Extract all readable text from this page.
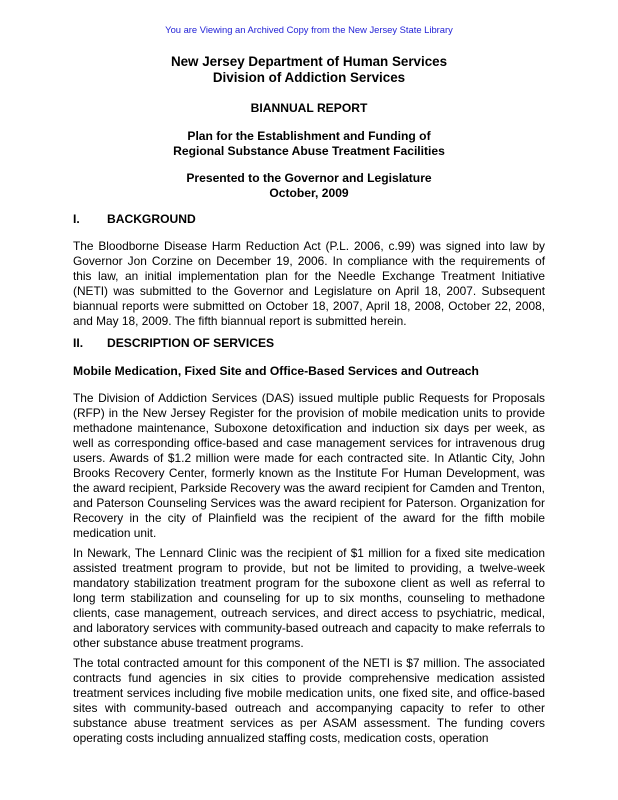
You are Viewing an Archived Copy from the New Jersey State Library
New Jersey Department of Human Services
Division of Addiction Services
BIANNUAL REPORT
Plan for the Establishment and Funding of
Regional Substance Abuse Treatment Facilities
Presented to the Governor and Legislature
October, 2009
I. BACKGROUND

The Bloodborne Disease Harm Reduction Act (P.L. 2006, c.99) was signed into law by Governor Jon Corzine on December 19, 2006. In compliance with the requirements of this law, an initial implementation plan for the Needle Exchange Treatment Initiative (NETI) was submitted to the Governor and Legislature on April 18, 2007. Subsequent biannual reports were submitted on October 18, 2007, April 18, 2008, October 22, 2008, and May 18, 2009. The fifth biannual report is submitted herein.

II. DESCRIPTION OF SERVICES
Mobile Medication, Fixed Site and Office-Based Services and Outreach

The Division of Addiction Services (DAS) issued multiple public Requests for Proposals (RFP) in the New Jersey Register for the provision of mobile medication units to provide methadone maintenance, Suboxone detoxification and induction six days per week, as well as corresponding office-based and case management services for intravenous drug users. Awards of $1.2 million were made for each contracted site. In Atlantic City, John Brooks Recovery Center, formerly known as the Institute For Human Development, was the award recipient, Parkside Recovery was the award recipient for Camden and Trenton, and Paterson Counseling Services was the award recipient for Paterson. Organization for Recovery in the city of Plainfield was the recipient of the award for the fifth mobile medication unit.

In Newark, The Lennard Clinic was the recipient of $1 million for a fixed site medication assisted treatment program to provide, but not be limited to providing, a twelve-week mandatory stabilization treatment program for the suboxone client as well as referral to long term stabilization and counseling for up to six months, counseling to methadone clients, case management, outreach services, and direct access to psychiatric, medical, and laboratory services with community-based outreach and capacity to make referrals to other substance abuse treatment programs.

The total contracted amount for this component of the NETI is $7 million. The associated contracts fund agencies in six cities to provide comprehensive medication assisted treatment services including five mobile medication units, one fixed site, and office-based sites with community-based outreach and accompanying capacity to refer to other substance abuse treatment services as per ASAM assessment. The funding covers operating costs including annualized staffing costs, medication costs, operation
